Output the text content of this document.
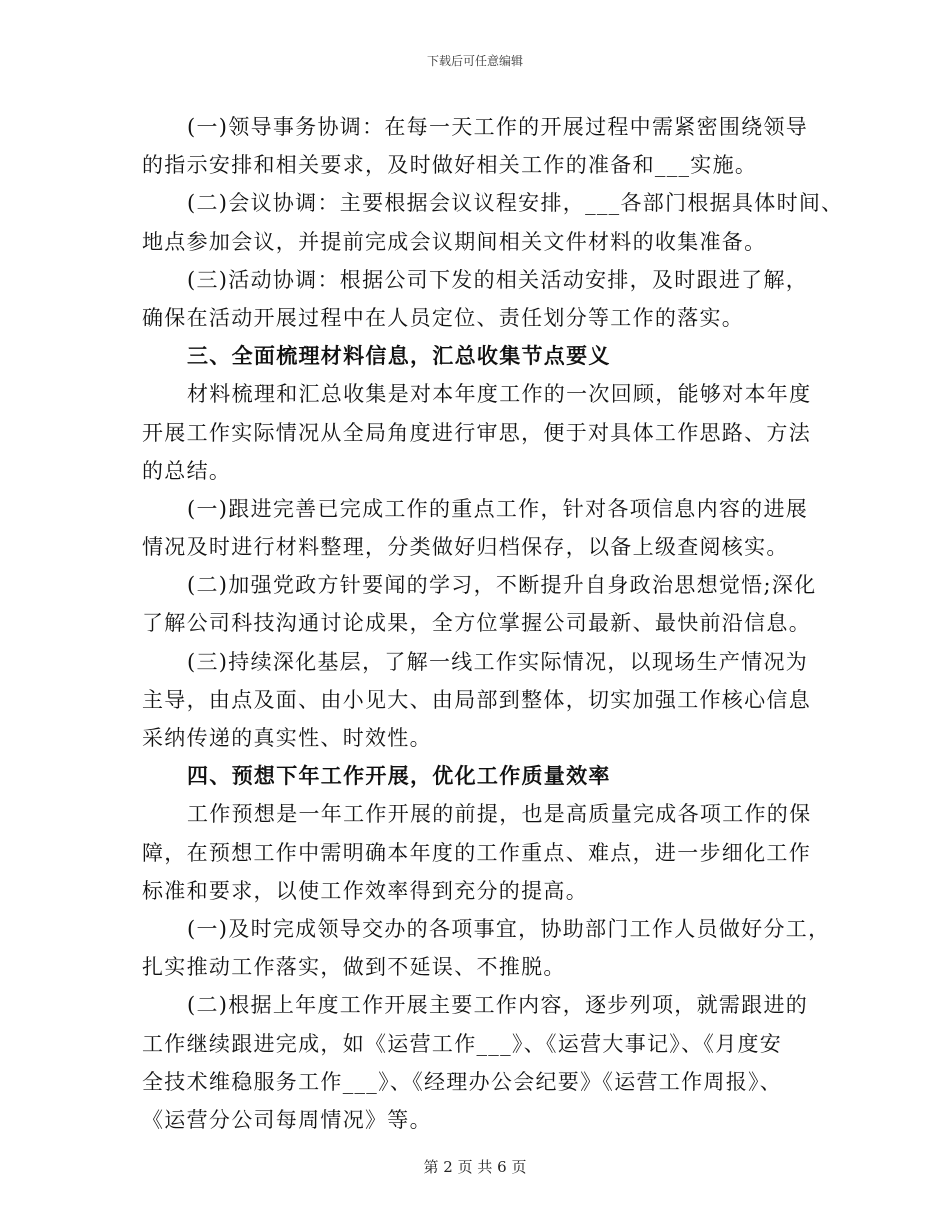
下载后可任意编辑
(一)领导事务协调：在每一天工作的开展过程中需紧密围绕领导
的指示安排和相关要求，及时做好相关工作的准备和___实施。
(二)会议协调：主要根据会议议程安排，___各部门根据具体时间、
地点参加会议，并提前完成会议期间相关文件材料的收集准备。
(三)活动协调：根据公司下发的相关活动安排，及时跟进了解，
确保在活动开展过程中在人员定位、责任划分等工作的落实。
三、全面梳理材料信息，汇总收集节点要义
材料梳理和汇总收集是对本年度工作的一次回顾，能够对本年度
开展工作实际情况从全局角度进行审思，便于对具体工作思路、方法
的总结。
(一)跟进完善已完成工作的重点工作，针对各项信息内容的进展
情况及时进行材料整理，分类做好归档保存，以备上级查阅核实。
(二)加强党政方针要闻的学习，不断提升自身政治思想觉悟;深化
了解公司科技沟通讨论成果，全方位掌握公司最新、最快前沿信息。
(三)持续深化基层，了解一线工作实际情况，以现场生产情况为
主导，由点及面、由小见大、由局部到整体，切实加强工作核心信息
采纳传递的真实性、时效性。
四、预想下年工作开展，优化工作质量效率
工作预想是一年工作开展的前提，也是高质量完成各项工作的保
障，在预想工作中需明确本年度的工作重点、难点，进一步细化工作
标准和要求，以使工作效率得到充分的提高。
(一)及时完成领导交办的各项事宜，协助部门工作人员做好分工，
扎实推动工作落实，做到不延误、不推脱。
(二)根据上年度工作开展主要工作内容，逐步列项，就需跟进的
工作继续跟进完成，如《运营工作___》、《运营大事记》、《月度安
全技术维稳服务工作___》、《经理办公会纪要》《运营工作周报》、
《运营分公司每周情况》等。
第 2 页 共 6 页
